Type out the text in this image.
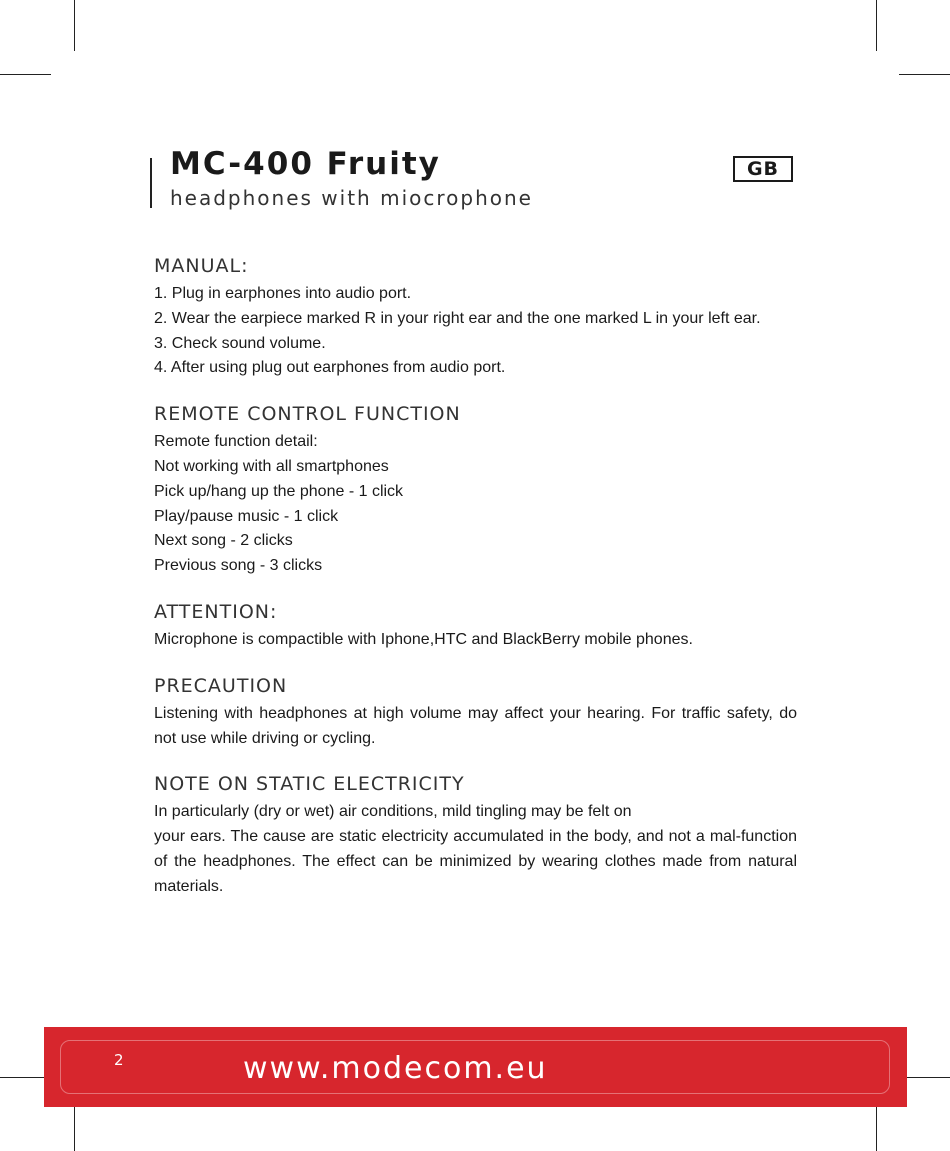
MC-400 Fruity

headphones with miocrophone

GB
MANUAL:

1. Plug in earphones into audio port.

2. Wear the earpiece marked R in your right ear and the one marked L in your left ear.

3. Check sound volume.

4. After using plug out earphones from audio port.

REMOTE CONTROL FUNCTION

Remote function detail:

Not working with all smartphones

Pick up/hang up the phone - 1 click

Play/pause music - 1 click

Next song - 2 clicks

Previous song - 3 clicks

ATTENTION:

Microphone is compactible with Iphone,HTC and BlackBerry mobile phones.

PRECAUTION

Listening with headphones at high volume may affect your hearing. For traffic safety, do not use while driving or cycling.

NOTE ON STATIC ELECTRICITY

In particularly (dry or wet) air conditions, mild tingling may be felt on

your ears. The cause are static electricity accumulated in the body, and not a mal-function of the headphones. The effect can be minimized by wearing clothes made from natural materials.

2	www.modecom.eu
